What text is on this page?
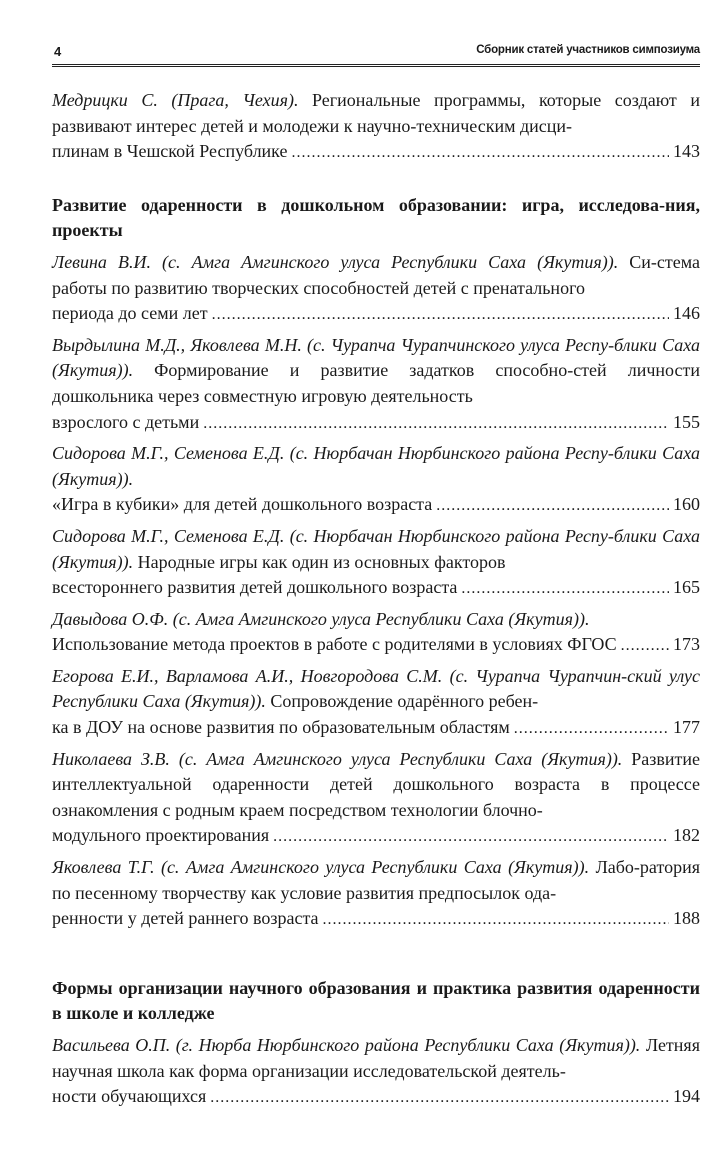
4	Сборник статей участников симпозиума
Медрицки С. (Прага, Чехия). Региональные программы, которые создают и развивают интерес детей и молодежи к научно-техническим дисци-
плинам в Чешской Республике . . .	143
Развитие одаренности в дошкольном образовании: игра, исследова-ния, проекты
Левина В.И. (с. Амга Амгинского улуса Республики Саха (Якутия)). Си-стема работы по развитию творческих способностей детей с пренатального
периода до семи лет . . .	146
Вырдылина М.Д., Яковлева М.Н. (с. Чурапча Чурапчинского улуса Респу-блики Саха (Якутия)). Формирование и развитие задатков способно-стей личности дошкольника через совместную игровую деятельность
взрослого с детьми . . .	155
Сидорова М.Г., Семенова Е.Д. (с. Нюрбачан Нюрбинского района Респу-блики Саха (Якутия)).
«Игра в кубики» для детей дошкольного возраста . . .	160
Сидорова М.Г., Семенова Е.Д. (с. Нюрбачан Нюрбинского района Респу-блики Саха (Якутия)). Народные игры как один из основных факторов
всестороннего развития детей дошкольного возраста . . .	165
Давыдова О.Ф. (с. Амга Амгинского улуса Республики Саха (Якутия)).
Использование метода проектов в работе с родителями в условиях ФГОС . . .	173
Егорова Е.И., Варламова А.И., Новгородова С.М. (с. Чурапча Чурапчин-ский улус Республики Саха (Якутия)). Сопровождение одарённого ребен-
ка в ДОУ на основе развития по образовательным областям . . .	177
Николаева З.В. (с. Амга Амгинского улуса Республики Саха (Якутия)). Развитие интеллектуальной одаренности детей дошкольного возраста в процессе ознакомления с родным краем посредством технологии блочно-
модульного проектирования . . .	182
Яковлева Т.Г. (с. Амга Амгинского улуса Республики Саха (Якутия)). Лабо-ратория по песенному творчеству как условие развития предпосылок ода-
ренности у детей раннего возраста . . .	188
Формы организации научного образования и практика развития одаренности в школе и колледже
Васильева О.П. (г. Нюрба Нюрбинского района Республики Саха (Якутия)). Летняя научная школа как форма организации исследовательской деятель-
ности обучающихся . . .	194
